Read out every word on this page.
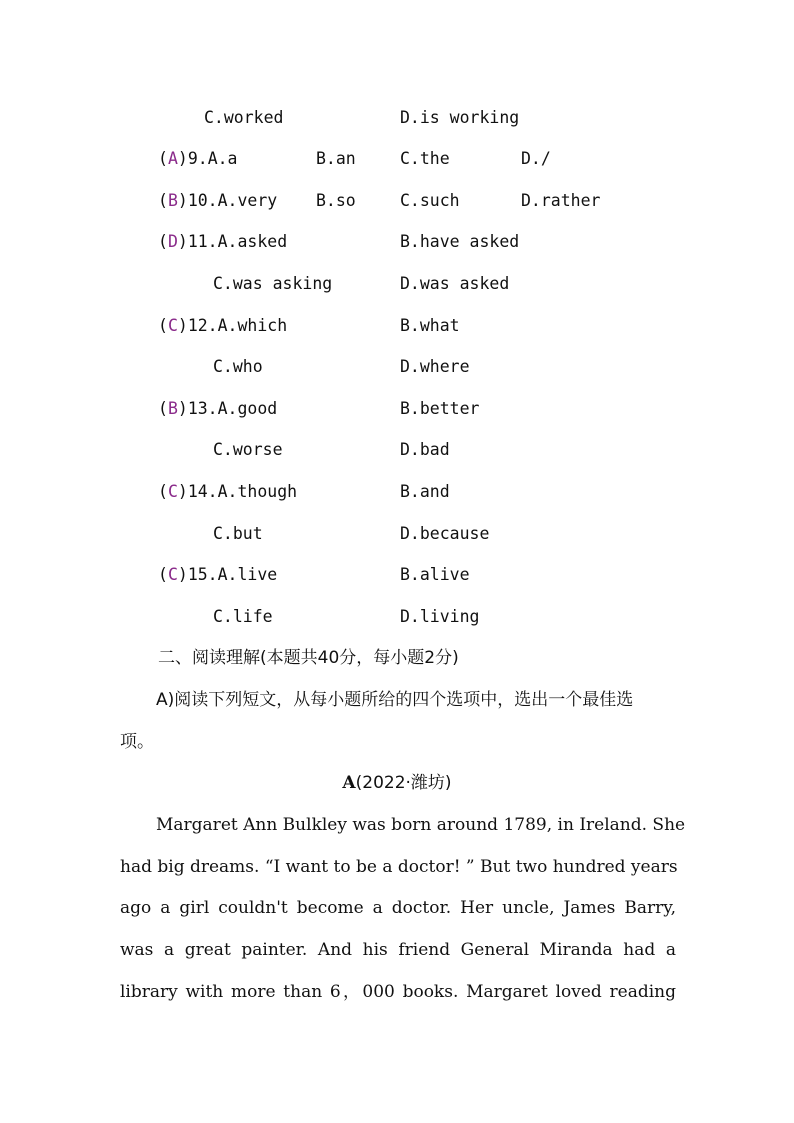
C.worked	D.is working
(A)9.A.a	B.an	C.the	D./
(B)10.A.very B.so	C.such	D.rather
(D)11.A.asked	B.have asked
C.was asking	D.was asked
(C)12.A.which	B.what
C.who	D.where
(B)13.A.good	B.better
C.worse	D.bad
(C)14.A.though	B.and
C.but	D.because
(C)15.A.live	B.alive
C.life	D.living
二、阅读理解(本题共40分，每小题2分)
A)阅读下列短文，从每小题所给的四个选项中，选出一个最佳选
项。
A(2022·潍坊)
Margaret Ann Bulkley was born around 1789, in Ireland. She
had big dreams. “I want to be a doctor! ” But two hundred years
ago a girl couldn't become a doctor. Her uncle, James Barry,
was a great painter. And his friend General Miranda had a
library with more than 6，000 books. Margaret loved reading
